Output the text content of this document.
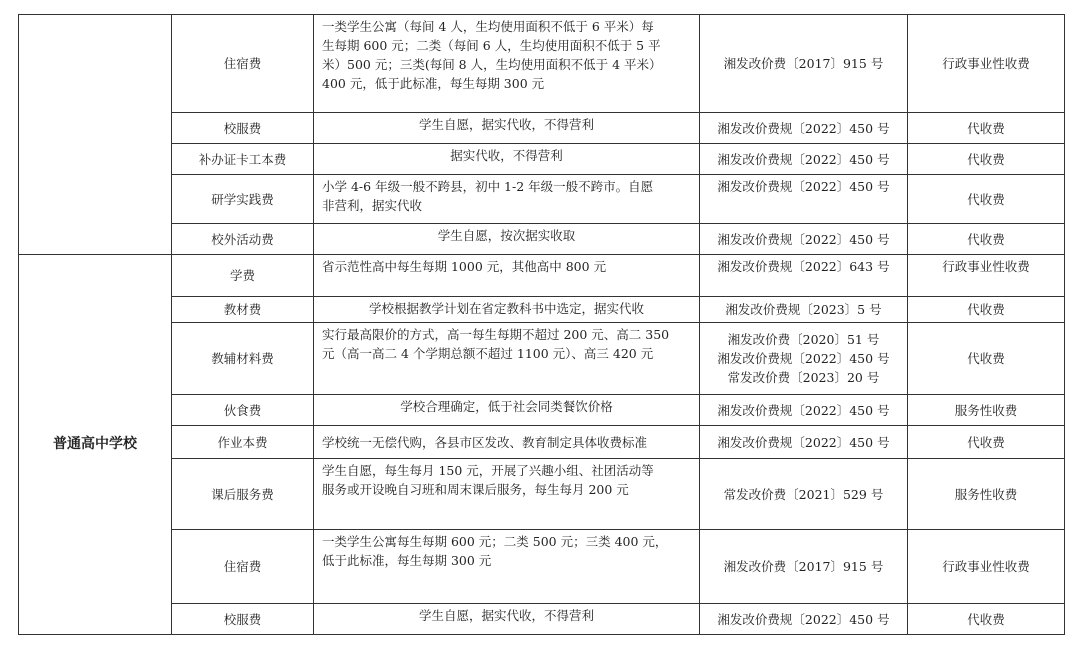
	住宿费	一类学生公寓（每间 4 人，生均使用面积不低于 6 平米）每
生每期 600 元；二类（每间 6 人，生均使用面积不低于 5 平
米）500 元；三类(每间 8 人，生均使用面积不低于 4 平米）
400 元，低于此标准，每生每期 300 元	湘发改价费〔2017〕915 号	行政事业性收费
	校服费	学生自愿，据实代收，不得营利	湘发改价费规〔2022〕450 号	代收费
	补办证卡工本费	据实代收，不得营利	湘发改价费规〔2022〕450 号	代收费
	研学实践费	小学 4-6 年级一般不跨县，初中 1-2 年级一般不跨市。自愿
非营利，据实代收	湘发改价费规〔2022〕450 号	代收费
	校外活动费	学生自愿，按次据实收取	湘发改价费规〔2022〕450 号	代收费
普通高中学校	学费	省示范性高中每生每期 1000 元，其他高中 800 元	湘发改价费规〔2022〕643 号	行政事业性收费
	教材费	学校根据教学计划在省定教科书中选定，据实代收	湘发改价费规〔2023〕5 号	代收费
	教辅材料费	实行最高限价的方式，高一每生每期不超过 200 元、高二 350
元（高一高二 4 个学期总额不超过 1100 元）、高三 420 元	湘发改价费〔2020〕51 号
湘发改价费规〔2022〕450 号
常发改价费〔2023〕20 号	代收费
	伙食费	学校合理确定，低于社会同类餐饮价格	湘发改价费规〔2022〕450 号	服务性收费
	作业本费	学校统一无偿代购，各县市区发改、教育制定具体收费标准	湘发改价费规〔2022〕450 号	代收费
	课后服务费	学生自愿，每生每月 150 元，开展了兴趣小组、社团活动等
服务或开设晚自习班和周末课后服务，每生每月 200 元	常发改价费〔2021〕529 号	服务性收费
	住宿费	一类学生公寓每生每期 600 元；二类 500 元；三类 400 元，
低于此标准，每生每期 300 元	湘发改价费〔2017〕915 号	行政事业性收费
	校服费	学生自愿，据实代收，不得营利	湘发改价费规〔2022〕450 号	代收费
